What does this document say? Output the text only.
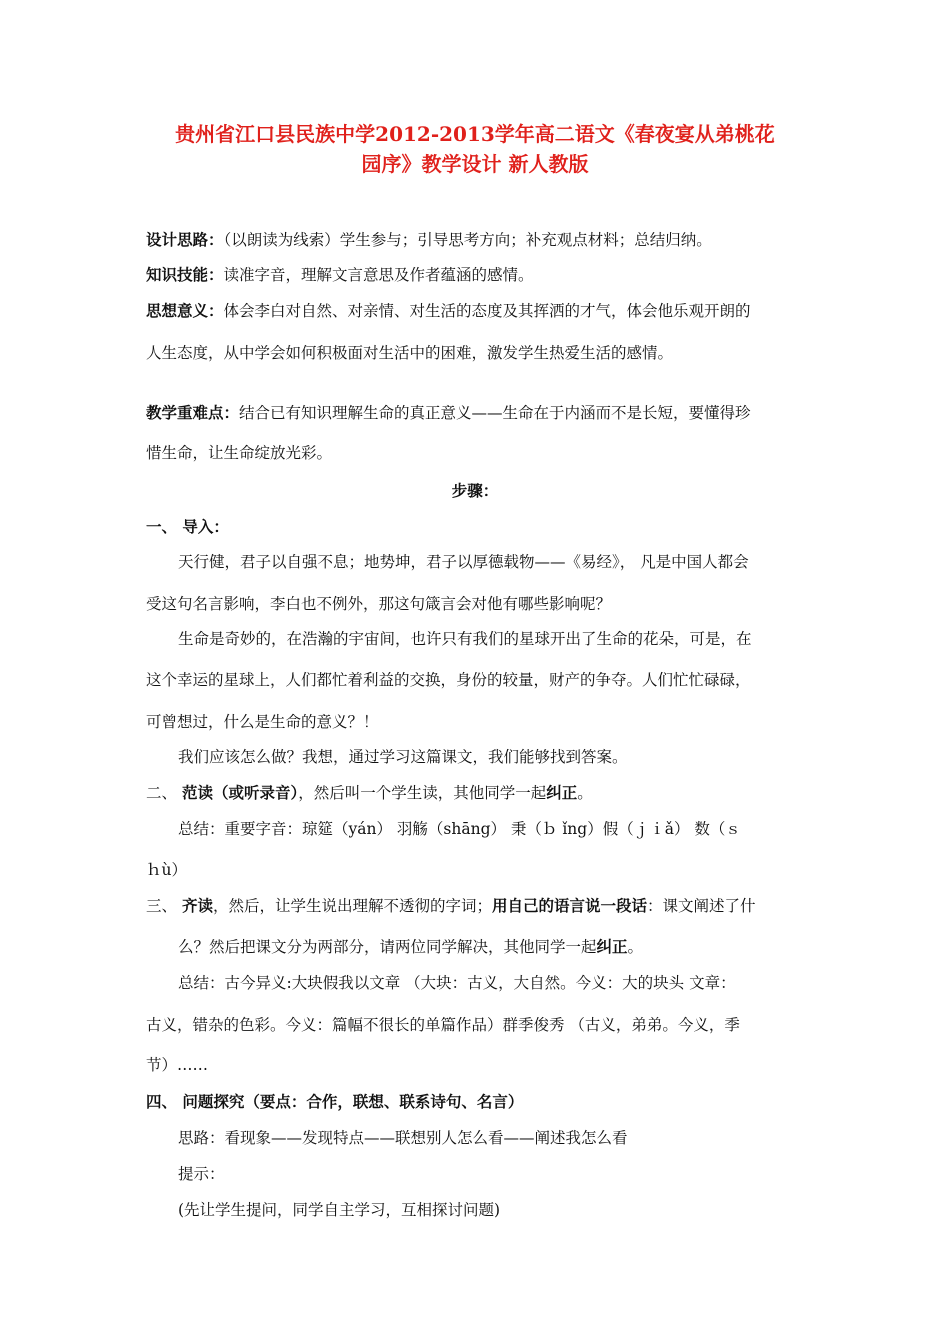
贵州省江口县民族中学2012-2013学年高二语文《春夜宴从弟桃花
园序》教学设计 新人教版
设计思路：（以朗读为线索）学生参与；引导思考方向；补充观点材料；总结归纳。
知识技能：读准字音，理解文言意思及作者蕴涵的感情。
思想意义：体会李白对自然、对亲情、对生活的态度及其挥洒的才气，体会他乐观开朗的
人生态度，从中学会如何积极面对生活中的困难，激发学生热爱生活的感情。
教学重难点：结合已有知识理解生命的真正意义——生命在于内涵而不是长短，要懂得珍
惜生命，让生命绽放光彩。
步骤：
一、 导入：
天行健，君子以自强不息；地势坤，君子以厚德载物——《易经》， 凡是中国人都会
受这句名言影响，李白也不例外，那这句箴言会对他有哪些影响呢？
生命是奇妙的，在浩瀚的宇宙间，也许只有我们的星球开出了生命的花朵，可是，在
这个幸运的星球上，人们都忙着利益的交换，身份的较量，财产的争夺。人们忙忙碌碌，
可曾想过，什么是生命的意义？！
我们应该怎么做？我想，通过学习这篇课文，我们能够找到答案。
二、 范读（或听录音），然后叫一个学生读，其他同学一起纠正。
总结：重要字音：琼筵（yán） 羽觞（shāng） 秉（ｂ ǐng）假（ｊｉǎ） 数（ｓ
ｈù）
三、 齐读，然后，让学生说出理解不透彻的字词；用自己的语言说一段话：课文阐述了什
么？然后把课文分为两部分，请两位同学解决，其他同学一起纠正。
总结：古今异义:大块假我以文章 （大块：古义，大自然。今义：大的块头 文章：
古义，错杂的色彩。今义：篇幅不很长的单篇作品）群季俊秀 （古义，弟弟。今义，季
节）……
四、 问题探究（要点：合作，联想、联系诗句、名言）
思路：看现象——发现特点——联想别人怎么看——阐述我怎么看
提示：
(先让学生提问，同学自主学习，互相探讨问题)
